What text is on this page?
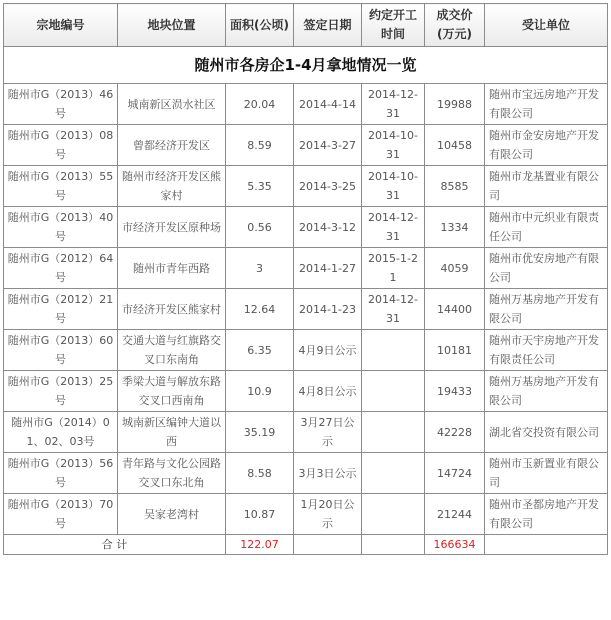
随州市各房企1-4月拿地情况一览						
宗地编号	地块位置	面积(公顷)	签定日期	约定开工时间	成交价(万元)	受让单位
随州市G（2013）46号	城南新区涢水社区	20.04	2014-4-14	2014-12-31	19988	随州市宝远房地产开发有限公司
随州市G（2013）08号	曾都经济开发区	8.59	2014-3-27	2014-10-31	10458	随州市金安房地产开发有限公司
随州市G（2013）55号	随州市经济开发区熊家村	5.35	2014-3-25	2014-10-31	8585	随州市龙基置业有限公司
随州市G（2013）40号	市经济开发区原种场	0.56	2014-3-12	2014-12-31	1334	随州市中元织业有限责任公司
随州市G（2012）64号	随州市青年西路	3	2014-1-27	2015-1-21	4059	随州市优安房地产有限公司
随州市G（2012）21号	市经济开发区熊家村	12.64	2014-1-23	2014-12-31	14400	随州万基房地产开发有限公司
随州市G（2013）60号	交通大道与红旗路交叉口东南角	6.35	4月9日公示		10181	随州市天宇房地产开发有限责任公司
随州市G（2013）25号	季梁大道与解放东路交叉口西南角	10.9	4月8日公示		19433	随州万基房地产开发有限公司
随州市G（2014）01、02、03号	城南新区编钟大道以西	35.19	3月27日公示		42228	湖北省交投资有限公司
随州市G（2013）56号	青年路与文化公园路交叉口东北角	8.58	3月3日公示		14724	随州市玉新置业有限公司
随州市G（2013）70号	吴家老湾村	10.87	1月20日公示		21244	随州市圣都房地产开发有限公司
合 计		122.07			166634	
